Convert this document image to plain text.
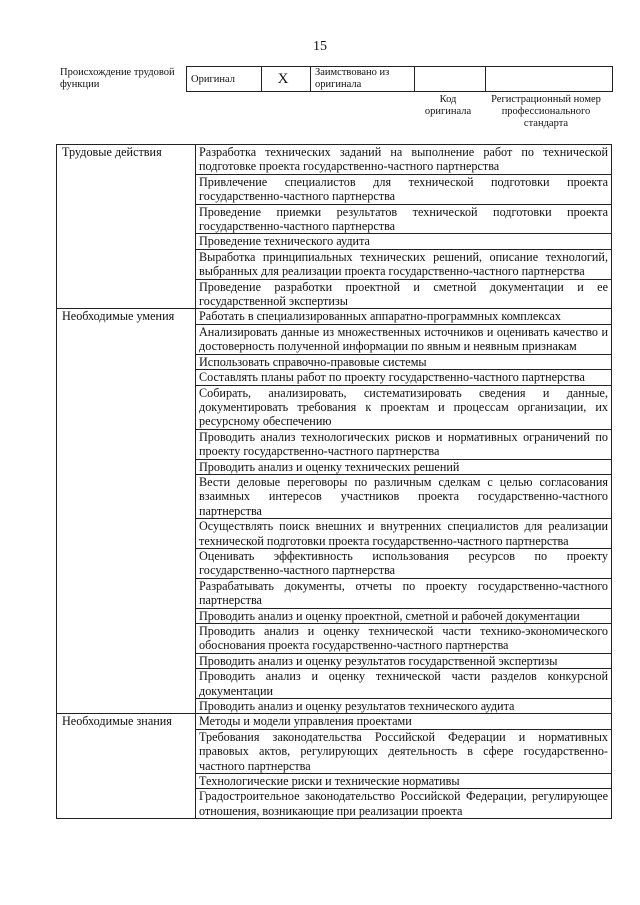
15
Происхождение трудовой функции	Оригинал	X	Заимствовано из оригинала		
Код оригинала
Регистрационный номер профессионального стандарта
Трудовые действия	Разработка технических заданий на выполнение работ по технической подготовке проекта государственно-частного партнерства
	Привлечение специалистов для технической подготовки проекта государственно-частного партнерства
	Проведение приемки результатов технической подготовки проекта государственно-частного партнерства
	Проведение технического аудита
	Выработка принципиальных технических решений, описание технологий, выбранных для реализации проекта государственно-частного партнерства
	Проведение разработки проектной и сметной документации и ее государственной экспертизы
Необходимые умения	Работать в специализированных аппаратно-программных комплексах
	Анализировать данные из множественных источников и оценивать качество и достоверность полученной информации по явным и неявным признакам
	Использовать справочно-правовые системы
	Составлять планы работ по проекту государственно-частного партнерства
	Собирать, анализировать, систематизировать сведения и данные, документировать требования к проектам и процессам организации, их ресурсному обеспечению
	Проводить анализ технологических рисков и нормативных ограничений по проекту государственно-частного партнерства
	Проводить анализ и оценку технических решений
	Вести деловые переговоры по различным сделкам с целью согласования взаимных интересов участников проекта государственно-частного партнерства
	Осуществлять поиск внешних и внутренних специалистов для реализации технической подготовки проекта государственно-частного партнерства
	Оценивать эффективность использования ресурсов по проекту государственно-частного партнерства
	Разрабатывать документы, отчеты по проекту государственно-частного партнерства
	Проводить анализ и оценку проектной, сметной и рабочей документации
	Проводить анализ и оценку технической части технико-экономического обоснования проекта государственно-частного партнерства
	Проводить анализ и оценку результатов государственной экспертизы
	Проводить анализ и оценку технической части разделов конкурсной документации
	Проводить анализ и оценку результатов технического аудита
Необходимые знания	Методы и модели управления проектами
	Требования законодательства Российской Федерации и нормативных правовых актов, регулирующих деятельность в сфере государственно-частного партнерства
	Технологические риски и технические нормативы
	Градостроительное законодательство Российской Федерации, регулирующее отношения, возникающие при реализации проекта
